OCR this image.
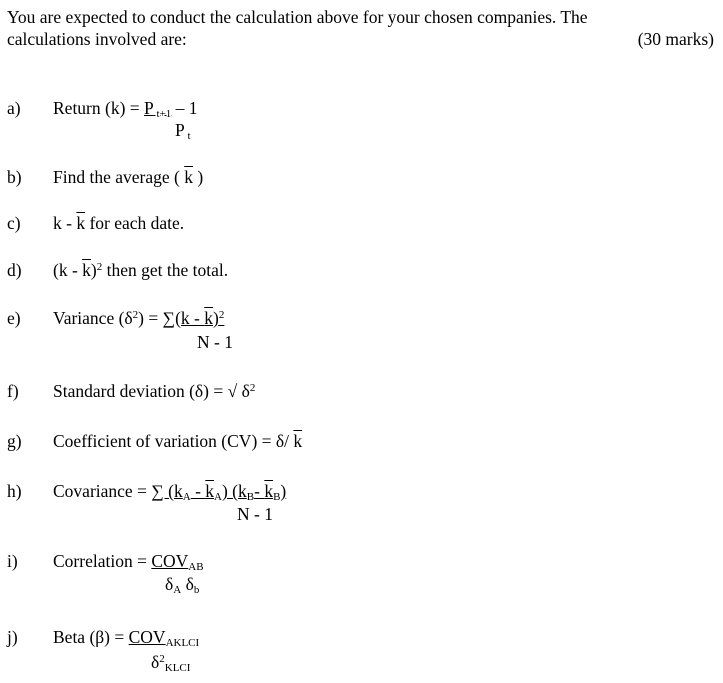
You are expected to conduct the calculation above for your chosen companies. The
calculations involved are:	(30 marks)
a) Return (k) = P t+1 – 1
P t
b) Find the average ( $\overline{k}$ )
c) k - $\overline{k}$ for each date.
d) $(k - \overline{k})^2$ then get the total.
e) Variance $(\delta^2) = \sum(k - k)^2$
N - 1
f) Standard deviation (δ) = √ $\delta^2$
g) Coefficient of variation (CV) = δ/ $\overline{k}$
h) Covariance = ∑ (kA - kA) (kB- kB)
N - 1
i) Correlation = COVAB
δA δb
j) Beta (β) = COVAKLCI
$\delta^2KLCI$
